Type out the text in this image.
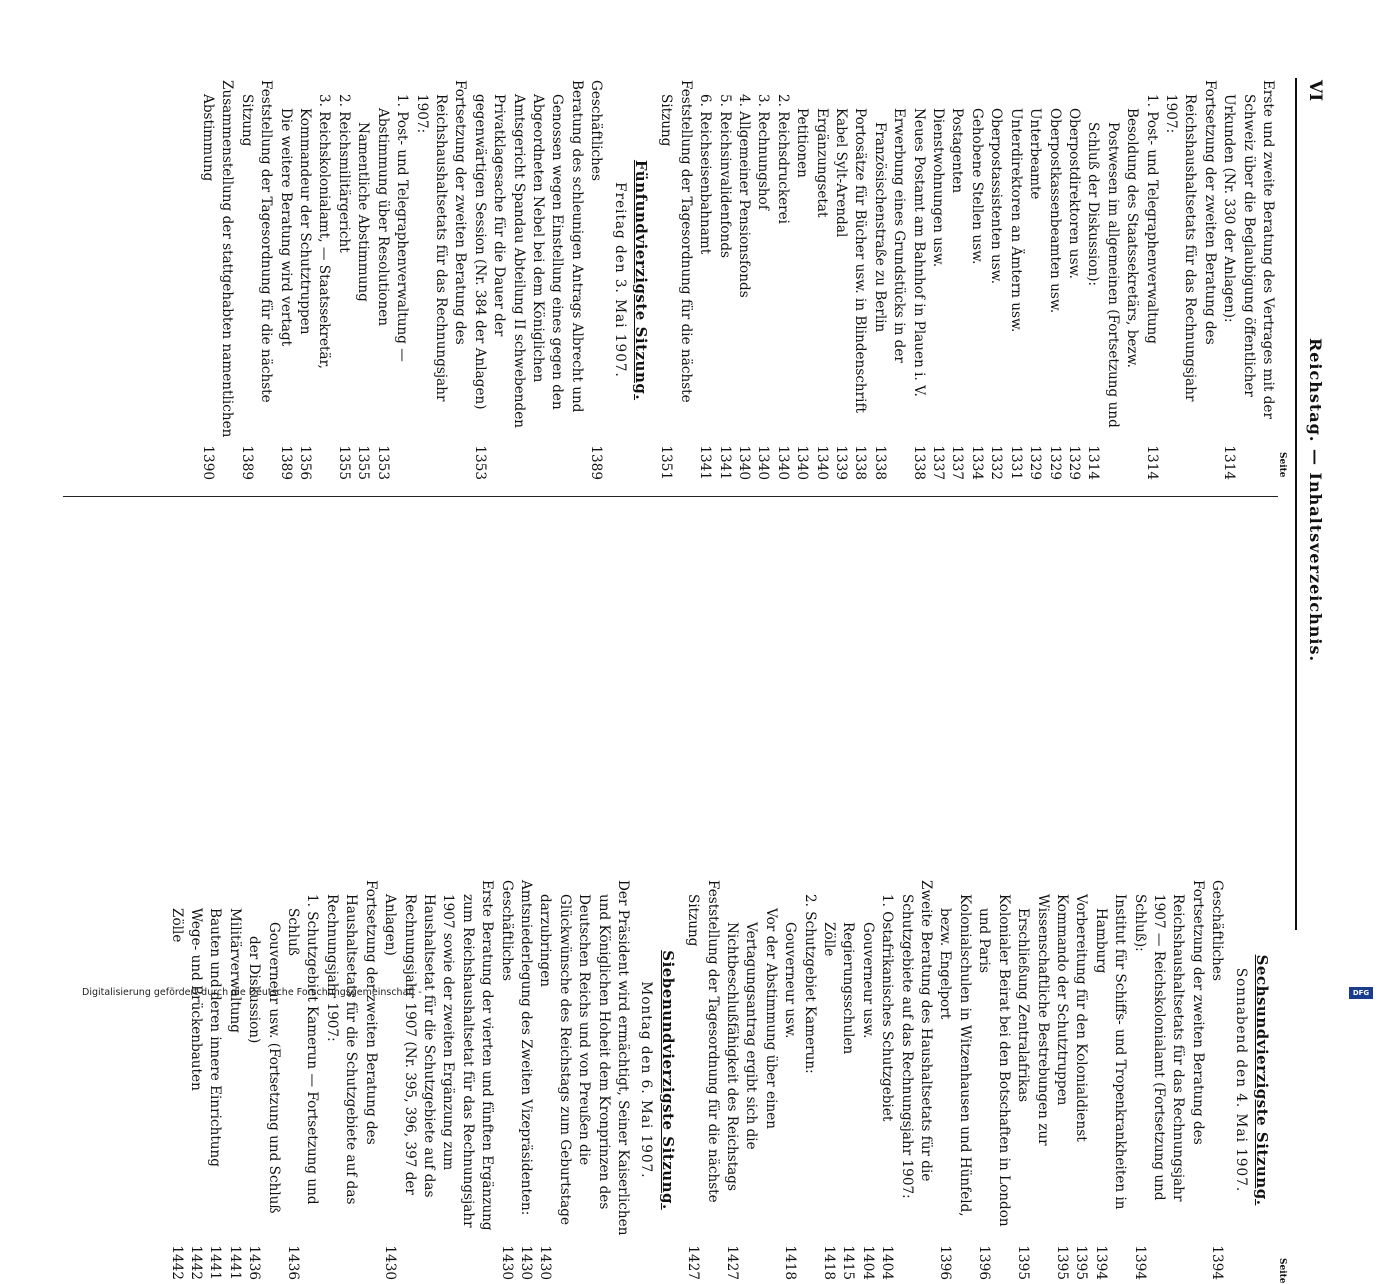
VI
Reichstag. — Inhaltsverzeichnis.
Seite
Seite
Erste und zweite Beratung des Vertrages mit der Schweiz über die Beglaubigung öffentlicher Urkunden (Nr. 330 der Anlagen):
1314
Fortsetzung der zweiten Beratung des Reichshaushaltsetats für das Rechnungsjahr 1907:
1. Post- und Telegraphenverwaltung
1314
Besoldung des Staatssekretärs, bezw. Postwesen im allgemeinen (Fortsetzung und Schluß der Diskussion):
1314
Oberpostdirektoren usw.
1329
Oberpostkassenbeamten usw.
1329
Unterbeamte
1329
Unterdirektoren an Ämtern usw.
1331
Oberpostassistenten usw.
1332
Gehobene Stellen usw.
1334
Postagenten
1337
Dienstwohnungen usw.
1337
Neues Postamt am Bahnhof in Plauen i. V.
1338
Erwerbung eines Grundstücks in der Französischenstraße zu Berlin
1338
Portosätze für Bücher usw. in Blindenschrift
1338
Kabel Sylt-Arendal
1339
Ergänzungsetat
1340
Petitionen
1340
2. Reichsdruckerei
1340
3. Rechnungshof
1340
4. Allgemeiner Pensionsfonds
1340
5. Reichsinvalidenfonds
1341
6. Reichseisenbahnamt
1341
Feststellung der Tagesordnung für die nächste Sitzung
1351
Fünfundvierzigste Sitzung.
Freitag den 3. Mai 1907.
Geschäftliches
1389
Beratung des schleunigen Antrags Albrecht und Genossen wegen Einstellung eines gegen den Abgeordneten Nebel bei dem Königlichen Amtsgericht Spandau Abteilung II schwebenden Privatklagesache für die Dauer der gegenwärtigen Session (Nr. 384 der Anlagen)
1353
Fortsetzung der zweiten Beratung des Reichshaushaltsetats für das Rechnungsjahr 1907:
1. Post- und Telegraphenverwaltung — Abstimmung über Resolutionen
1353
Namentliche Abstimmung
1355
2. Reichsmilitärgericht
1355
3. Reichskolonialamt, — Staatssekretär, Kommandeur der Schutztruppen
1356
Die weitere Beratung wird vertagt
1389
Feststellung der Tagesordnung für die nächste Sitzung
1389
Zusammenstellung der stattgehabten namentlichen Abstimmung
1390
Sechsundvierzigste Sitzung.
Sonnabend den 4. Mai 1907.
Geschäftliches
1394
Fortsetzung der zweiten Beratung des Reichshaushaltsetats für das Rechnungsjahr 1907 — Reichskolonialamt (Fortsetzung und Schluß):
1394
Institut für Schiffs- und Tropenkrankheiten in Hamburg
1394
Vorbereitung für den Kolonialdienst
1395
Kommando der Schutztruppen
1395
Wissenschaftliche Bestrebungen zur Erschließung Zentralafrikas
1395
Kolonialer Beirat bei den Botschaften in London und Paris
1396
Kolonialschulen in Witzenhausen und Hünfeld, bezw. Engelport
1396
Zweite Beratung des Haushaltsetats für die Schutzgebiete auf das Rechnungsjahr 1907:
1. Ostafrikanisches Schutzgebiet
1404
Gouverneur usw.
1404
Regierungsschulen
1415
Zölle
1418
2. Schutzgebiet Kamerun:
Gouverneur usw.
1418
Vor der Abstimmung über einen Vertagungsantrag ergibt sich die Nichtbeschlußfähigkeit des Reichstags
1427
Feststellung der Tagesordnung für die nächste Sitzung
1427
Siebenundvierzigste Sitzung.
Montag den 6. Mai 1907.
Der Präsident wird ermächtigt, Seiner Kaiserlichen und Königlichen Hoheit dem Kronprinzen des Deutschen Reichs und von Preußen die Glückwünsche des Reichstags zum Geburtstage darzubringen
1430
Amtsniederlegung des Zweiten Vizepräsidenten:
1430
Geschäftliches
1430
Erste Beratung der vierten und fünften Ergänzung zum Reichshaushaltsetat für das Rechnungsjahr 1907 sowie der zweiten Ergänzung zum Haushaltsetat für die Schutzgebiete auf das Rechnungsjahr 1907 (Nr. 395, 396, 397 der Anlagen)
1430
Fortsetzung der zweiten Beratung des Haushaltsetats für die Schutzgebiete auf das Rechnungsjahr 1907:
1. Schutzgebiet Kamerun — Fortsetzung und Schluß
1436
Gouverneur usw. (Fortsetzung und Schluß der Diskussion)
1436
Militärverwaltung
1441
Bauten und deren innere Einrichtung
1441
Wege- und Brückenbauten
1442
Zölle
1442
Digitalisierung gefördert durch die Deutsche Forschungsgemeinschaft -	DFG
